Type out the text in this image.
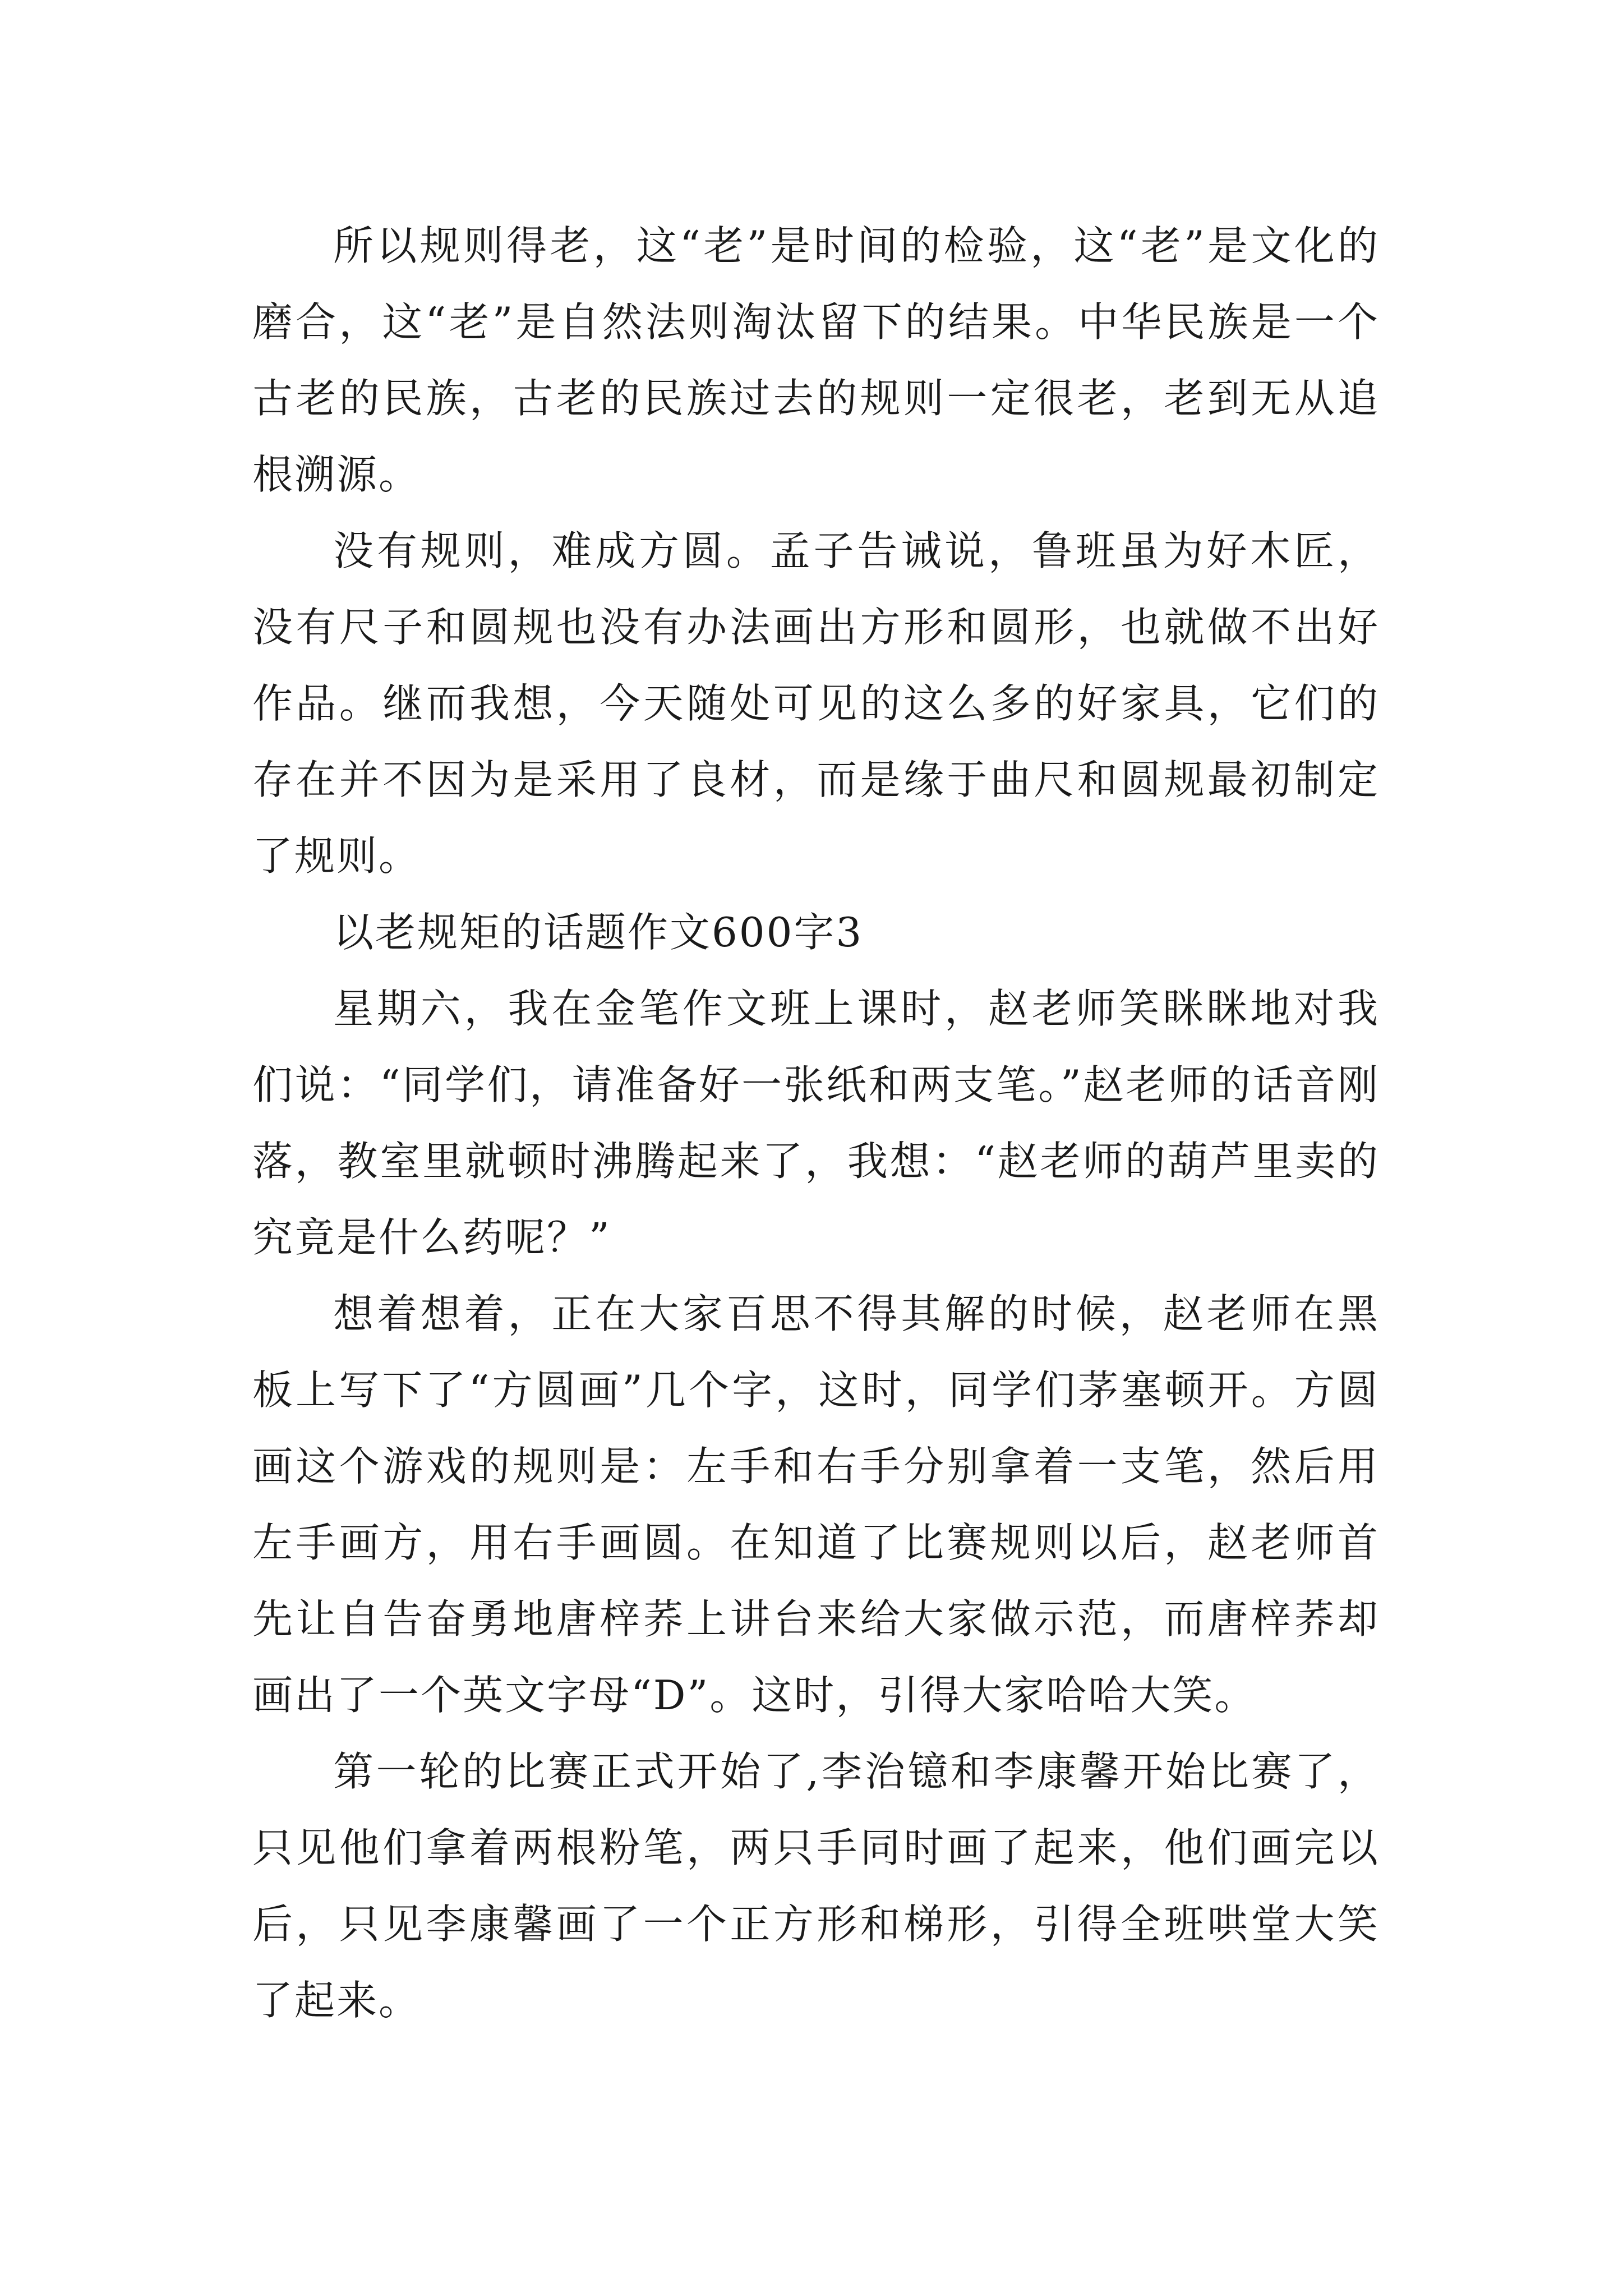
所以规则得老，这“老”是时间的检验，这“老”是文化的磨合，这“老”是自然法则淘汰留下的结果。中华民族是一个古老的民族，古老的民族过去的规则一定很老，老到无从追根溯源。

没有规则，难成方圆。孟子告诫说，鲁班虽为好木匠，没有尺子和圆规也没有办法画出方形和圆形，也就做不出好作品。继而我想，今天随处可见的这么多的好家具，它们的存在并不因为是采用了良材，而是缘于曲尺和圆规最初制定了规则。

以老规矩的话题作文600字3

星期六，我在金笔作文班上课时，赵老师笑眯眯地对我们说：“同学们，请准备好一张纸和两支笔。”赵老师的话音刚落，教室里就顿时沸腾起来了，我想：“赵老师的葫芦里卖的究竟是什么药呢？”

想着想着，正在大家百思不得其解的时候，赵老师在黑板上写下了“方圆画”几个字，这时，同学们茅塞顿开。方圆画这个游戏的规则是：左手和右手分别拿着一支笔，然后用左手画方，用右手画圆。在知道了比赛规则以后，赵老师首先让自告奋勇地唐梓荞上讲台来给大家做示范，而唐梓荞却画出了一个英文字母“D”。这时，引得大家哈哈大笑。

第一轮的比赛正式开始了,李治镱和李康馨开始比赛了，只见他们拿着两根粉笔，两只手同时画了起来，他们画完以后，只见李康馨画了一个正方形和梯形，引得全班哄堂大笑了起来。
